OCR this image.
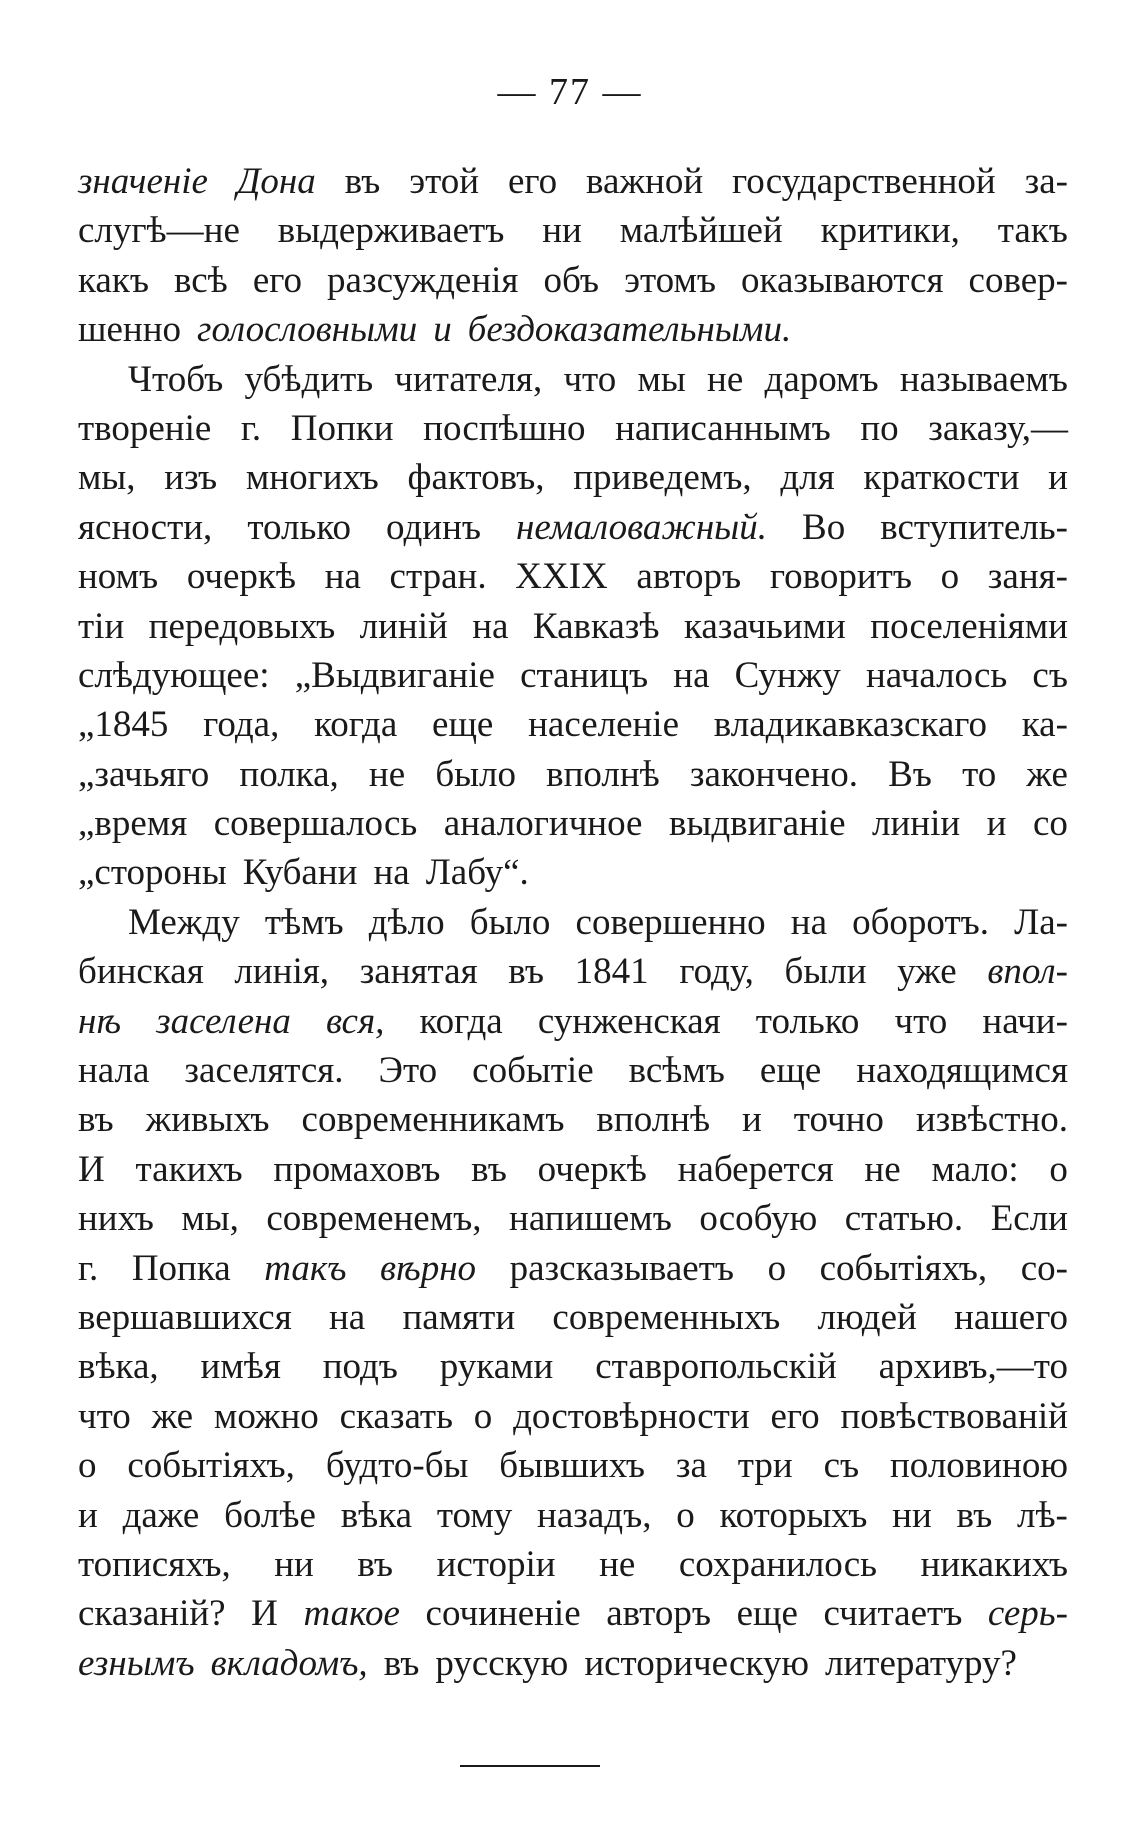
— 77 —
значеніе Дона въ этой его важной государственной за-
слугѣ—не выдерживаетъ ни малѣйшей критики, такъ
какъ всѣ его разсужденія объ этомъ оказываются совер-
шенно голословными и бездоказательными.
Чтобъ убѣдить читателя, что мы не даромъ называемъ
твореніе г. Попки поспѣшно написаннымъ по заказу,—
мы, изъ многихъ фактовъ, приведемъ, для краткости и
ясности, только одинъ немаловажный. Во вступитель-
номъ очеркѣ на стран. XXIX авторъ говоритъ о заня-
тіи передовыхъ линій на Кавказѣ казачьими поселеніями
слѣдующее: „Выдвиганіе станицъ на Сунжу началось съ
„1845 года, когда еще населеніе владикавказскаго ка-
„зачьяго полка, не было вполнѣ закончено. Въ то же
„время совершалось аналогичное выдвиганіе линіи и со
„стороны Кубани на Лабу“.
Между тѣмъ дѣло было совершенно на оборотъ. Ла-
бинская линія, занятая въ 1841 году, были уже впол-
нѣ заселена вся, когда сунженская только что начи-
нала заселятся. Это событіе всѣмъ еще находящимся
въ живыхъ современникамъ вполнѣ и точно извѣстно.
И такихъ промаховъ въ очеркѣ наберется не мало: о
нихъ мы, современемъ, напишемъ особую статью. Если
г. Попка такъ вѣрно разсказываетъ о событіяхъ, со-
вершавшихся на памяти современныхъ людей нашего
вѣка, имѣя подъ руками ставропольскій архивъ,—то
что же можно сказать о достовѣрности его повѣствованій
о событіяхъ, будто-бы бывшихъ за три съ половиною
и даже болѣе вѣка тому назадъ, о которыхъ ни въ лѣ-
тописяхъ, ни въ исторіи не сохранилось никакихъ
сказаній? И такое сочиненіе авторъ еще считаетъ серь-
езнымъ вкладомъ, въ русскую историческую литературу?
